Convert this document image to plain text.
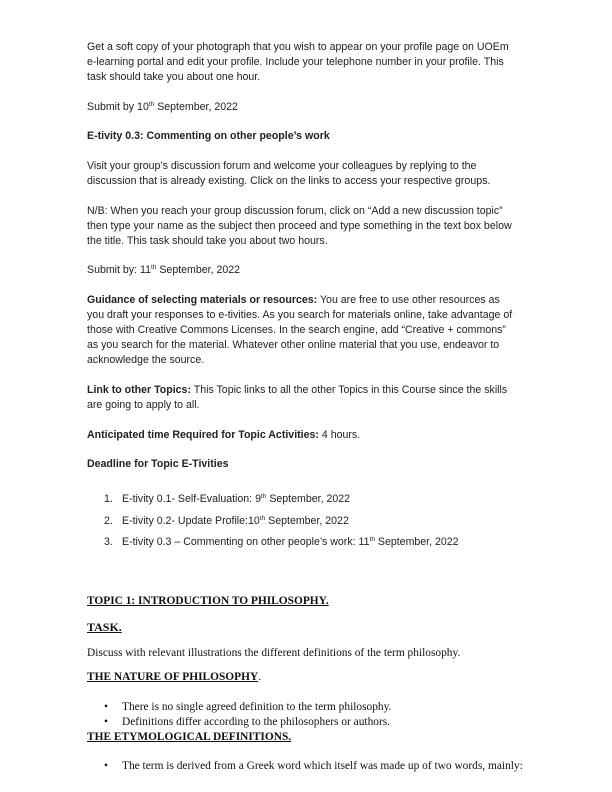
Get a soft copy of your photograph that you wish to appear on your profile page on UOEm
e-learning portal and edit your profile. Include your telephone number in your profile. This
task should take you about one hour.
Submit by 10th September, 2022
E-tivity 0.3: Commenting on other people’s work
Visit your group’s discussion forum and welcome your colleagues by replying to the
discussion that is already existing. Click on the links to access your respective groups.
N/B: When you reach your group discussion forum, click on “Add a new discussion topic”
then type your name as the subject then proceed and type something in the text box below
the title. This task should take you about two hours.
Submit by: 11th September, 2022
Guidance of selecting materials or resources: You are free to use other resources as
you draft your responses to e-tivities. As you search for materials online, take advantage of
those with Creative Commons Licenses. In the search engine, add “Creative + commons”
as you search for the material. Whatever other online material that you use, endeavor to
acknowledge the source.
Link to other Topics: This Topic links to all the other Topics in this Course since the skills
are going to apply to all.
Anticipated time Required for Topic Activities: 4 hours.
Deadline for Topic E-Tivities
1. E-tivity 0.1- Self-Evaluation: 9th September, 2022
2. E-tivity 0.2- Update Profile:10th September, 2022
3. E-tivity 0.3 – Commenting on other people’s work: 11th September, 2022
TOPIC 1: INTRODUCTION TO PHILOSOPHY.
TASK.
Discuss with relevant illustrations the different definitions of the term philosophy.
THE NATURE OF PHILOSOPHY.
• There is no single agreed definition to the term philosophy.
• Definitions differ according to the philosophers or authors.
THE ETYMOLOGICAL DEFINITIONS.
• The term is derived from a Greek word which itself was made up of two words, mainly:
